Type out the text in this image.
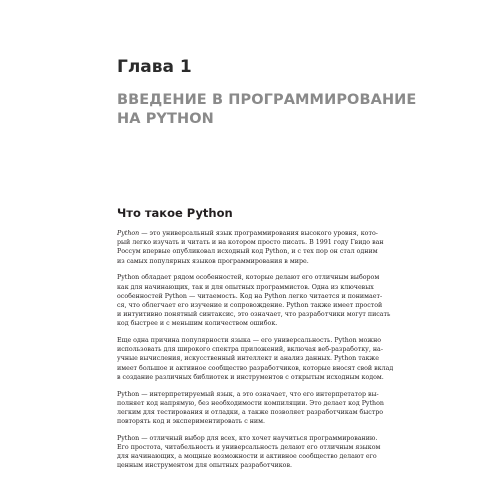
Глава 1
ВВЕДЕНИЕ В ПРОГРАММИРОВАНИЕ
НА PYTHON
Что такое Python

Python — это универсальный язык программирования высокого уровня, кото-
рый легко изучать и читать и на котором просто писать. В 1991 году Гвидо ван
Россум впервые опубликовал исходный код Python, и с тех пор он стал одним
из самых популярных языков программирования в мире.

Python обладает рядом особенностей, которые делают его отличным выбором
как для начинающих, так и для опытных программистов. Одна из ключевых
особенностей Python — читаемость. Код на Python легко читается и понимает-
ся, что облегчает его изучение и сопровождение. Python также имеет простой
и интуитивно понятный синтаксис, это означает, что разработчики могут писать
код быстрее и с меньшим количеством ошибок.

Еще одна причина популярности языка — его универсальность. Python можно
использовать для широкого спектра приложений, включая веб-разработку, на-
учные вычисления, искусственный интеллект и анализ данных. Python также
имеет большое и активное сообщество разработчиков, которые вносят свой вклад
в создание различных библиотек и инструментов с открытым исходным кодом.

Python — интерпретируемый язык, а это означает, что его интерпретатор вы-
полняет код напрямую, без необходимости компиляции. Это делает код Python
легким для тестирования и отладки, а также позволяет разработчикам быстро
повторять код и экспериментировать с ним.

Python — отличный выбор для всех, кто хочет научиться программированию.
Его простота, читабельность и универсальность делают его отличным языком
для начинающих, а мощные возможности и активное сообщество делают его
ценным инструментом для опытных разработчиков.
